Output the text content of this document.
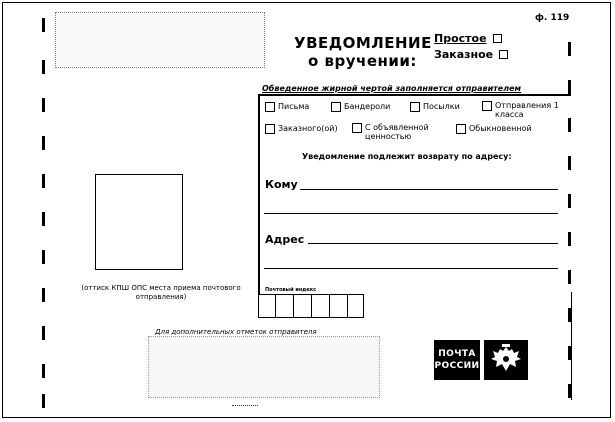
ф. 119
УВЕДОМЛЕНИЕ
о вручении:
Простое
Заказное
Обведенное жирной чертой заполняется отправителем
Письма	Бандероли	Посылки	Отправления 1 класса
Заказного(ой)	С объявленной ценностью
Обыкновенной
Уведомление подлежит возврату по адресу:
Кому
Адрес
Почтовый индекс
(оттиск КПШ ОПС места приема почтового отправления)
Для дополнительных отметок отправителя
ПОЧТА
РОССИИ
